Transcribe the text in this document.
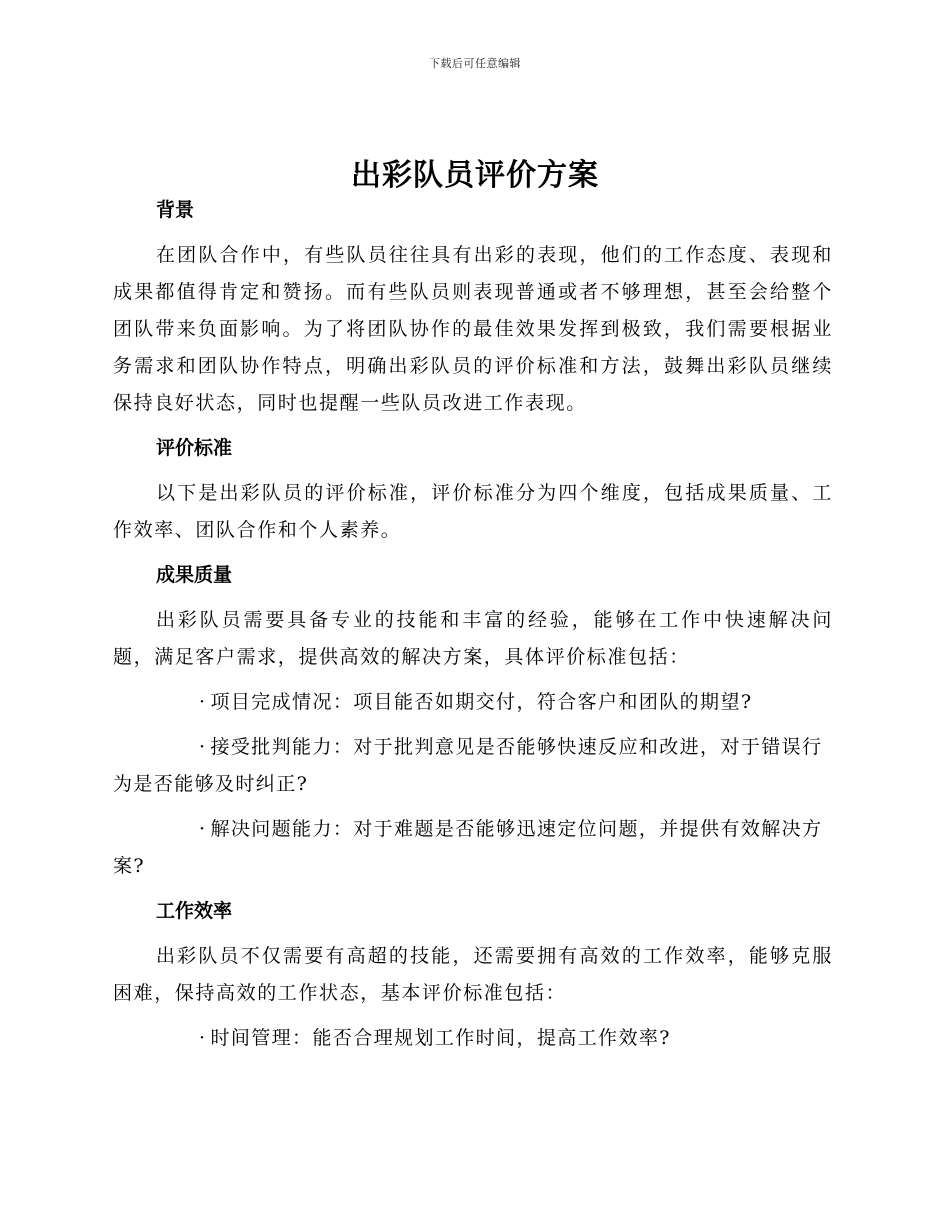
下载后可任意编辑
出彩队员评价方案
背景

在团队合作中，有些队员往往具有出彩的表现，他们的工作态度、表现和成果都值得肯定和赞扬。而有些队员则表现普通或者不够理想，甚至会给整个团队带来负面影响。为了将团队协作的最佳效果发挥到极致，我们需要根据业务需求和团队协作特点，明确出彩队员的评价标准和方法，鼓舞出彩队员继续保持良好状态，同时也提醒一些队员改进工作表现。

评价标准

以下是出彩队员的评价标准，评价标准分为四个维度，包括成果质量、工作效率、团队合作和个人素养。

成果质量

出彩队员需要具备专业的技能和丰富的经验，能够在工作中快速解决问题，满足客户需求，提供高效的解决方案，具体评价标准包括：

· 项目完成情况：项目能否如期交付，符合客户和团队的期望?

· 接受批判能力：对于批判意见是否能够快速反应和改进，对于错误行为是否能够及时纠正?

· 解决问题能力：对于难题是否能够迅速定位问题，并提供有效解决方案?

工作效率

出彩队员不仅需要有高超的技能，还需要拥有高效的工作效率，能够克服困难，保持高效的工作状态，基本评价标准包括：

· 时间管理：能否合理规划工作时间，提高工作效率?
